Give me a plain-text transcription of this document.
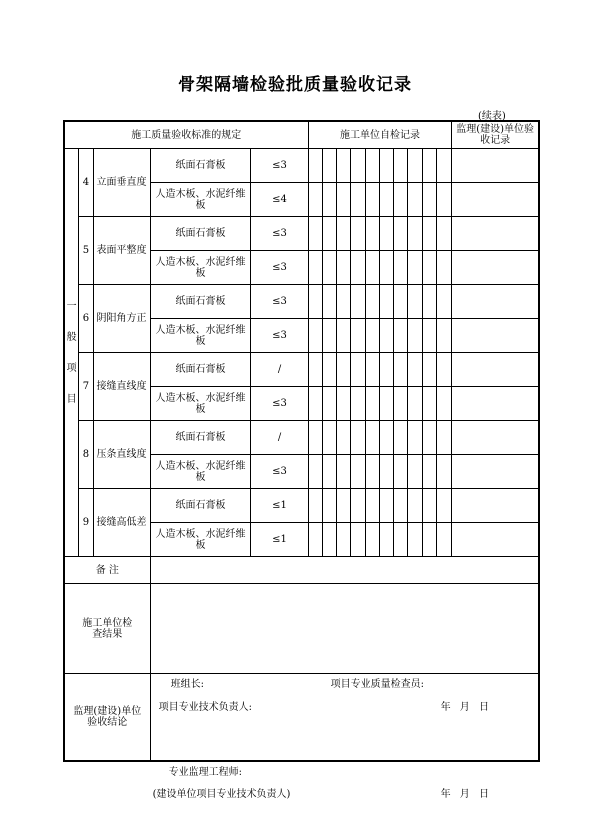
骨架隔墙检验批质量验收记录
(续表)
施工质量验收标准的规定					施工单位自检记录										监理(建设)单位验收记录

一
般
项
目	4	立面垂直度	纸面石膏板	≤3											
			人造木板、水泥纤维板	≤4											
	5	表面平整度	纸面石膏板	≤3											
			人造木板、水泥纤维板	≤3											
	6	阴阳角方正	纸面石膏板	≤3											
			人造木板、水泥纤维板	≤3											
	7	接缝直线度	纸面石膏板	/											
			人造木板、水泥纤维板	≤3											
	8	压条直线度	纸面石膏板	/											
			人造木板、水泥纤维板	≤3											
	9	接缝高低差	纸面石膏板	≤1											
			人造木板、水泥纤维板	≤1											
备 注															
施工单位检查结果			班组长: 项目专业质量检查员:
项目专业技术负责人: 年 月 日												

监理(建设)单位验收结论			专业监理工程师:
(建设单位项目专业技术负责人) 年 月 日												
